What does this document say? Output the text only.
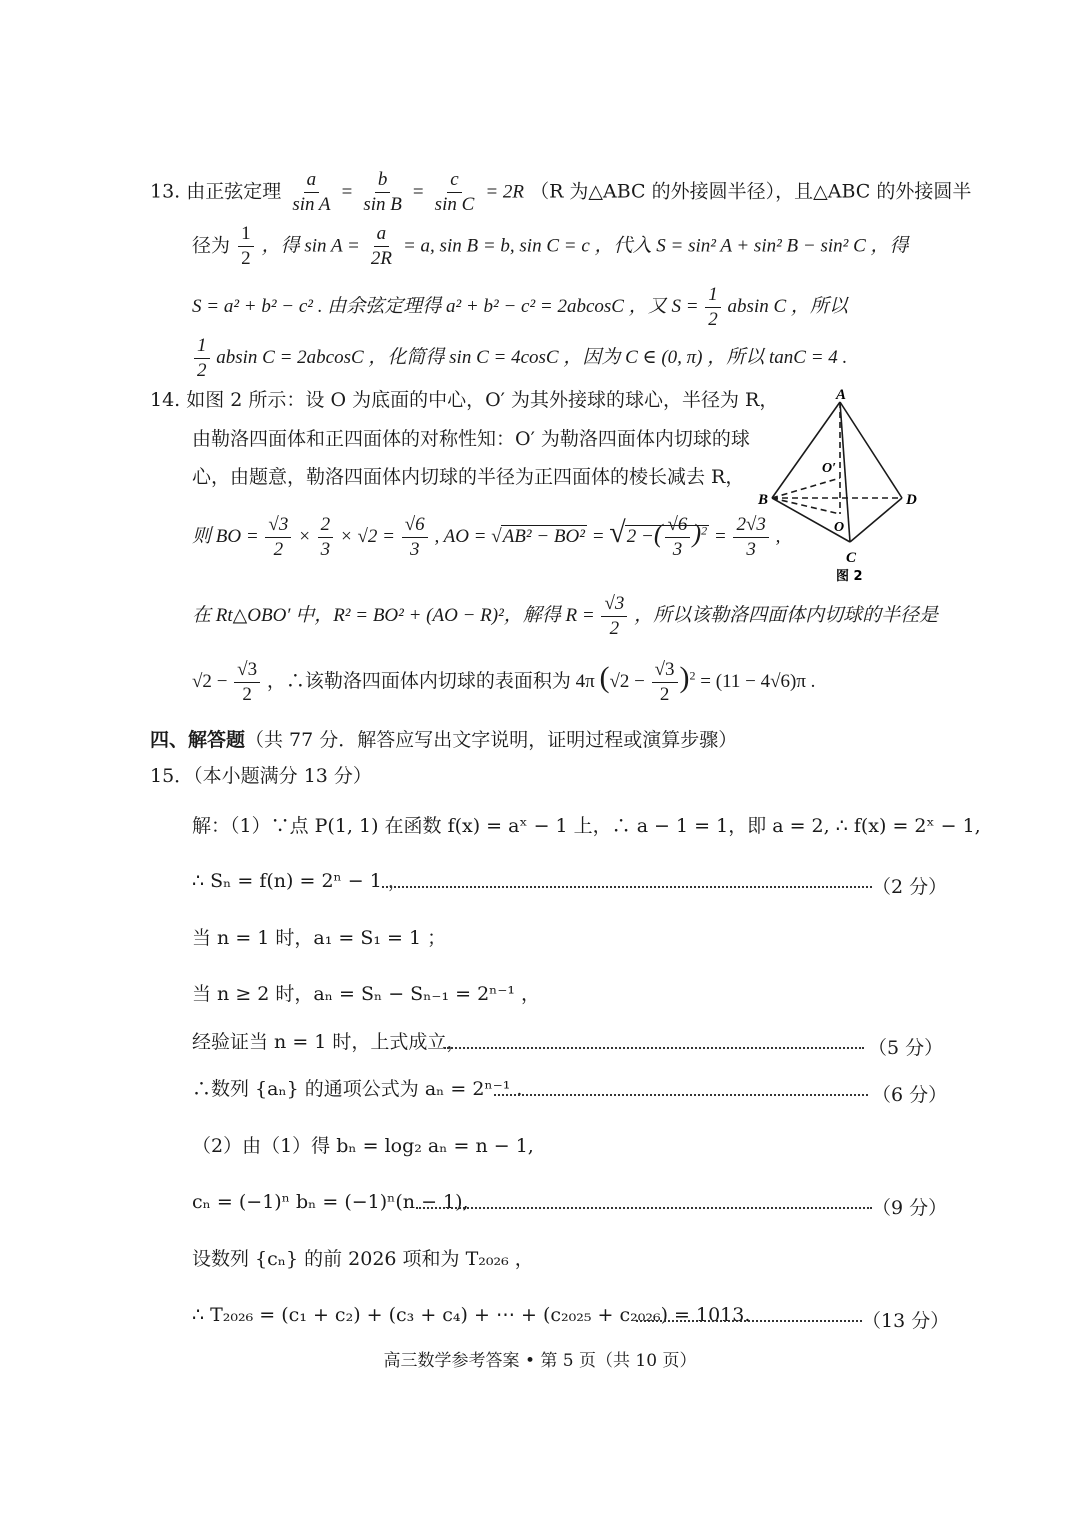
13. 由正弦定理 $\frac{a}{\text{sin A}} = \frac{b}{\text{sin B}} = \frac{c}{\text{sin C}} = 2R$ （R 为△ABC 的外接圆半径），且△ABC 的外接圆半
径为 $\frac{1}{2}$ ，得 $\sin A = \frac{a}{2R} = a$, sin B = b, sin C = c ，代入 S = sin² A + sin² B − sin² C ，得
S = a² + b² − c² . 由余弦定理得 a² + b² − c² = 2abcosC ，又 $S = \frac{1}{2}$ absin C ，所以
$\frac{1}{2}$ absin C = 2abcosC ，化简得 sin C = 4cosC ，因为 C ∈ (0, π) ，所以 tanC = 4 .
14. 如图 2 所示：设 O 为底面的中心，O′ 为其外接球的球心，半径为 R，
由勒洛四面体和正四面体的对称性知：O′ 为勒洛四面体内切球的球
心，由题意，勒洛四面体内切球的半径为正四面体的棱长减去 R，
则 BO = $\frac{√3}{2} \times \frac{2}{3} \times √2 = \frac{√6}{3}$ , AO = √AB² − BO² = √2 −( $\frac{√6}{3} )^2 = \frac{2√3}{3}$ ,
在 Rt△OBO′ 中，R² = BO² + (AO − R)²，解得 $R = \frac{√3}{2}$ ，所以该勒洛四面体内切球的半径是
$√2 - \frac{√3}{2}$ ，∴该勒洛四面体内切球的表面积为 4π $(√2 - \frac{√3}{2} )^2 = (11 - 4√6)\pi$ .
A
B	D
C
O
O′
图 2
四、解答题（共 77 分．解答应写出文字说明，证明过程或演算步骤）
15．（本小题满分 13 分）
解：（1）∵点 P(1, 1) 在函数 f(x) = aˣ − 1 上，∴ a − 1 = 1，即 a = 2, ∴ f(x) = 2ˣ − 1,
∴ Sₙ = f(n) = 2ⁿ − 1 ，	（2 分）
当 n = 1 时，a₁ = S₁ = 1 ；
当 n ≥ 2 时，aₙ = Sₙ − Sₙ₋₁ = 2ⁿ⁻¹ ，
经验证当 n = 1 时，上式成立，	（5 分）
∴数列 {aₙ} 的通项公式为 aₙ = 2ⁿ⁻¹ .	（6 分）
（2）由（1）得 bₙ = log₂ aₙ = n − 1,
cₙ = (−1)ⁿ bₙ = (−1)ⁿ(n − 1),	（9 分）
设数列 {cₙ} 的前 2026 项和为 T₂₀₂₆ ，
∴ T₂₀₂₆ = (c₁ + c₂) + (c₃ + c₄) + ⋯ + (c₂₀₂₅ + c₂₀₂₆) = 1013.	（13 分）
高三数学参考答案 • 第 5 页（共 10 页）
